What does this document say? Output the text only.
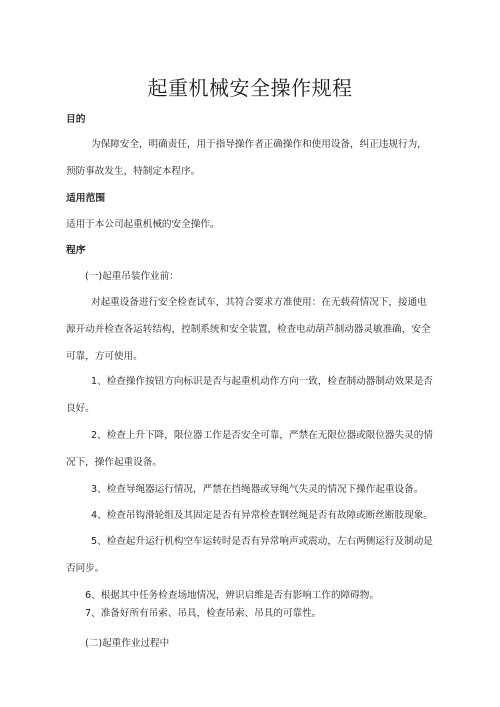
起重机械安全操作规程

目的

为保障安全，明确责任，用于指导操作者正确操作和使用设备，纠正违规行为，预防事故发生，特制定本程序。

适用范围

适用于本公司起重机械的安全操作。

程序

(一)起重吊装作业前：

对起重设备进行安全检查试车，其符合要求方准使用：在无载荷情况下，接通电源开动并检查各运转结构，控制系统和安全装置，检查电动葫芦制动器灵敏准确，安全可靠，方可使用。

1、检查操作按钮方向标识是否与起重机动作方向一致，检查制动器制动效果是否良好。

2、检查上升下降，限位器工作是否安全可靠，严禁在无限位器或限位器失灵的情况下，操作起重设备。

3、检查导绳器运行情况，严禁在挡绳器或导绳气失灵的情况下操作起重设备。

4、检查吊钩滑轮组及其固定是否有异常检查钢丝绳是否有故障或断丝断肢现象。

5、检查起升运行机构空车运转时是否有异常响声或震动，左右两侧运行及制动是否同步。

6、根据其中任务检查场地情况，辨识启维是否有影响工作的障碍物。

7、准备好所有吊索、吊具，检查吊索、吊具的可靠性。

(二)起重作业过程中
